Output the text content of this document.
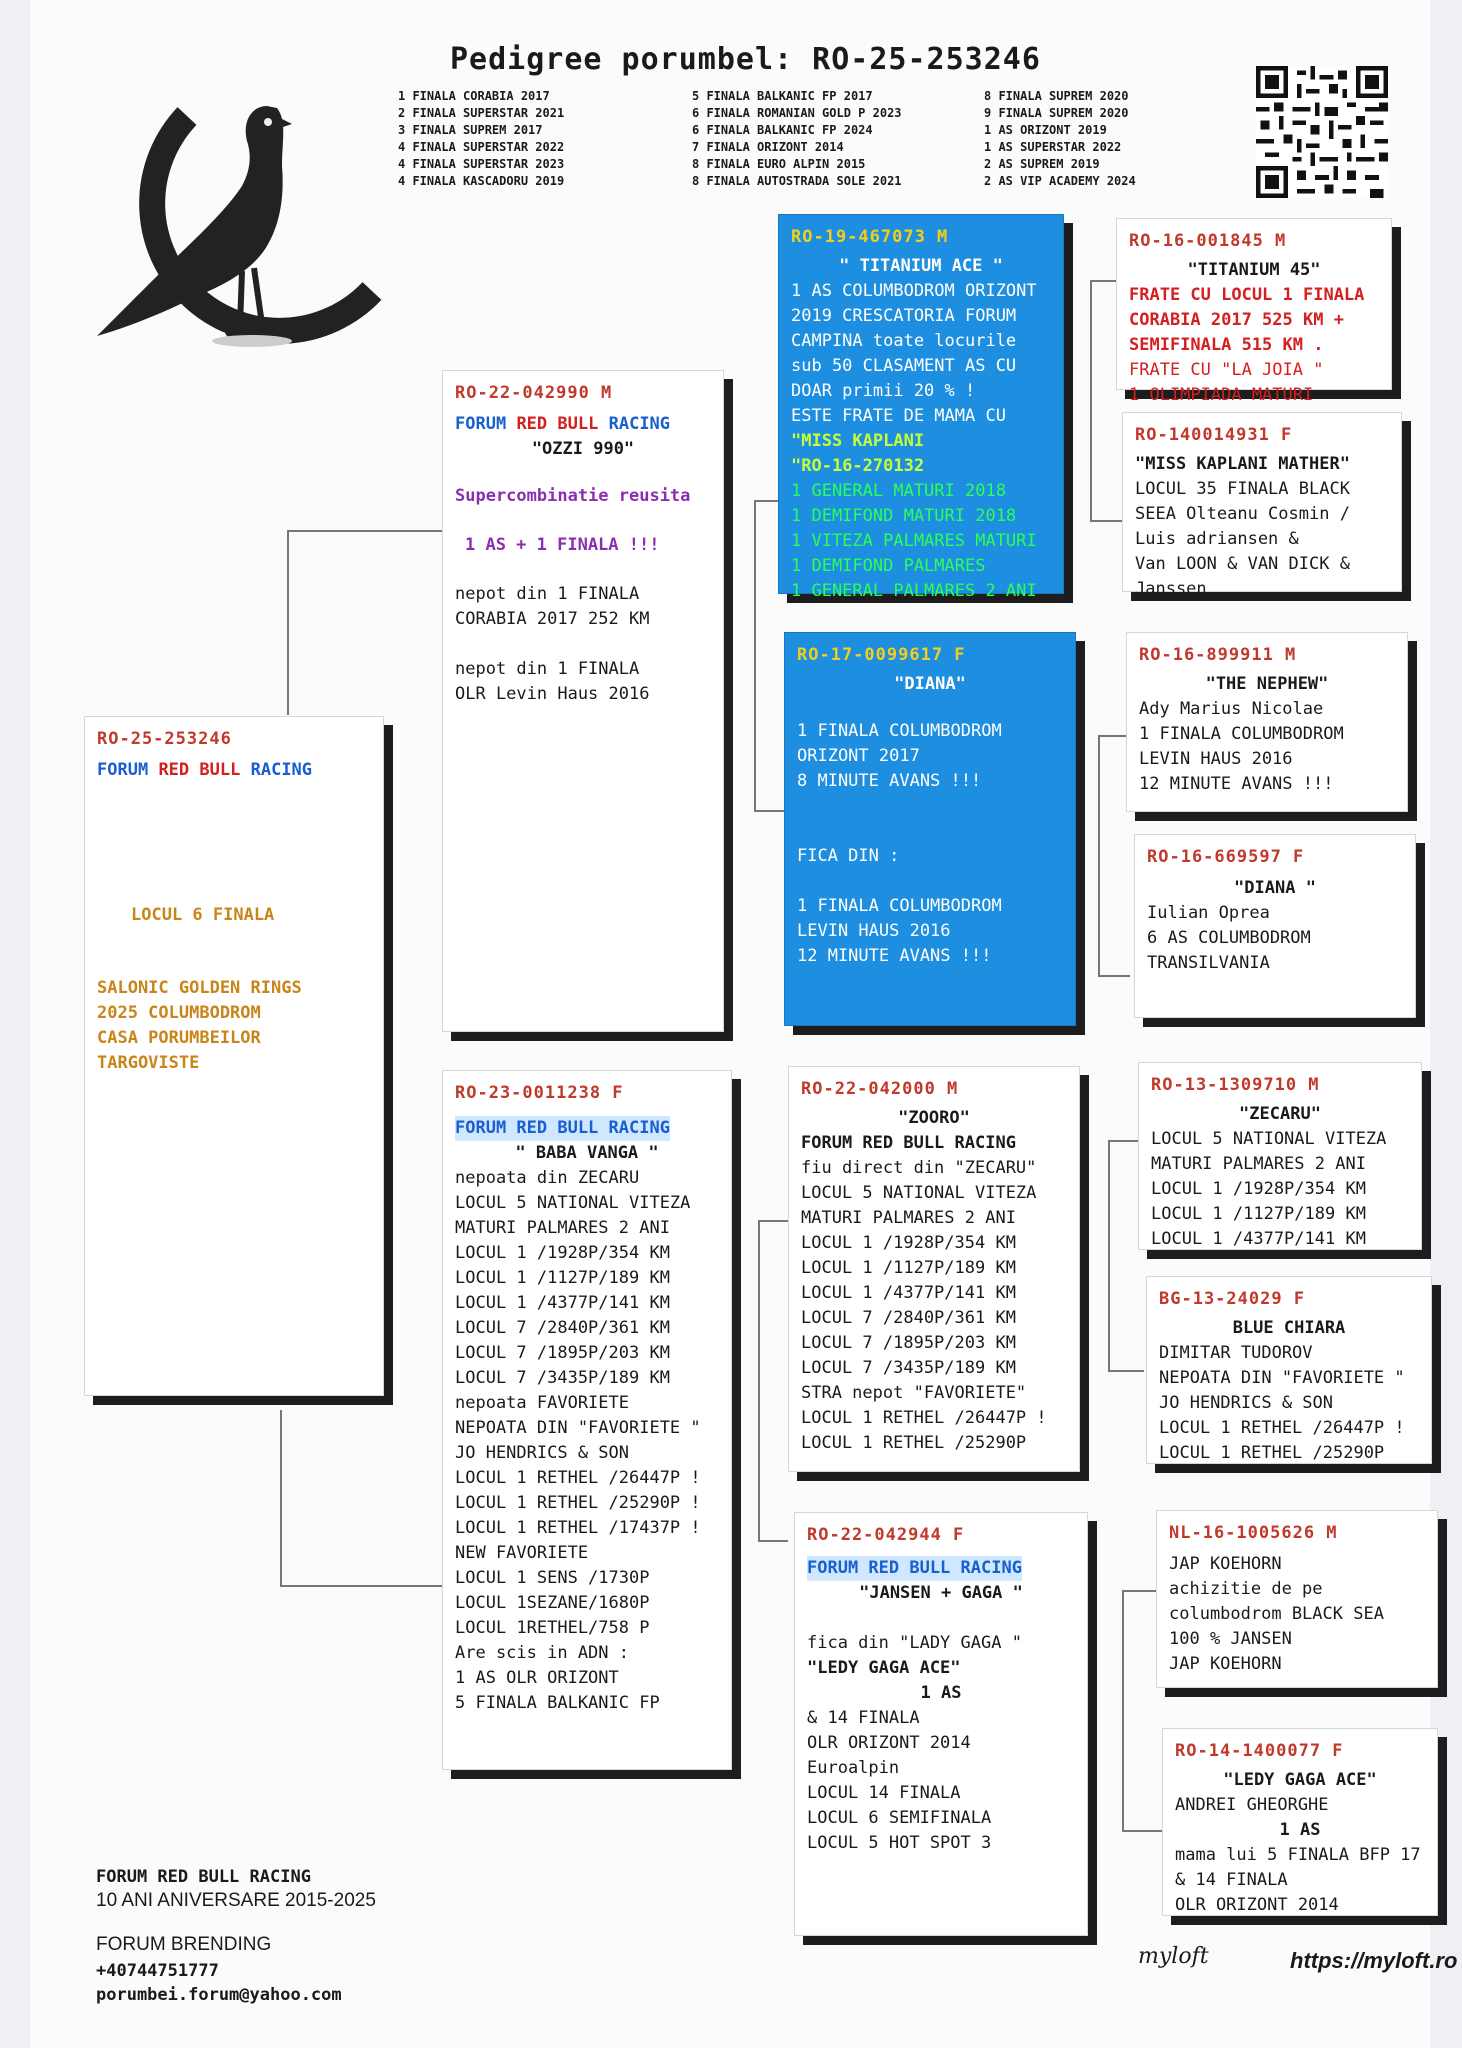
Pedigree porumbel: RO-25-253246
1 FINALA CORABIA 2017
2 FINALA SUPERSTAR 2021
3 FINALA SUPREM 2017
4 FINALA SUPERSTAR 2022
4 FINALA SUPERSTAR 2023
4 FINALA KASCADORU 2019
5 FINALA BALKANIC FP 2017
6 FINALA ROMANIAN GOLD P 2023
6 FINALA BALKANIC FP 2024
7 FINALA ORIZONT 2014
8 FINALA EURO ALPIN 2015
8 FINALA AUTOSTRADA SOLE 2021
8 FINALA SUPREM 2020
9 FINALA SUPREM 2020
1 AS ORIZONT 2019
1 AS SUPERSTAR 2022
2 AS SUPREM 2019
2 AS VIP ACADEMY 2024
RO-25-253246
FORUM RED BULL RACING
LOCUL 6 FINALA
SALONIC GOLDEN RINGS
2025 COLUMBODROM
CASA PORUMBEILOR
TARGOVISTE
RO-22-042990 M
FORUM RED BULL RACING
"OZZI 990"
Supercombinatie reusita
1 AS + 1 FINALA !!!
nepot din 1 FINALA
CORABIA 2017 252 KM

nepot din 1 FINALA
OLR Levin Haus 2016
RO-23-0011238 F
FORUM RED BULL RACING
" BABA VANGA "
nepoata din ZECARU
LOCUL 5 NATIONAL VITEZA
MATURI PALMARES 2 ANI
LOCUL 1 /1928P/354 KM
LOCUL 1 /1127P/189 KM
LOCUL 1 /4377P/141 KM
LOCUL 7 /2840P/361 KM
LOCUL 7 /1895P/203 KM
LOCUL 7 /3435P/189 KM
nepoata FAVORIETE
NEPOATA DIN "FAVORIETE "
JO HENDRICS & SON
LOCUL 1 RETHEL /26447P !
LOCUL 1 RETHEL /25290P !
LOCUL 1 RETHEL /17437P !
NEW FAVORIETE
LOCUL 1 SENS /1730P
LOCUL 1SEZANE/1680P
LOCUL 1RETHEL/758 P
Are scis in ADN :
1 AS OLR ORIZONT
5 FINALA BALKANIC FP
RO-19-467073 M
" TITANIUM ACE "
1 AS COLUMBODROM ORIZONT
2019 CRESCATORIA FORUM
CAMPINA toate locurile
sub 50 CLASAMENT AS CU
DOAR primii 20 % !
ESTE FRATE DE MAMA CU
"MISS KAPLANI
"RO-16-270132
1 GENERAL MATURI 2018
1 DEMIFOND MATURI 2018
1 VITEZA PALMARES MATURI
1 DEMIFOND PALMARES
1 GENERAL PALMARES 2 ANI
RO-17-0099617 F
"DIANA"
1 FINALA COLUMBODROM
ORIZONT 2017
8 MINUTE AVANS !!!

FICA DIN :

1 FINALA COLUMBODROM
LEVIN HAUS 2016
12 MINUTE AVANS !!!
RO-22-042000 M
"ZOORO"
FORUM RED BULL RACING
fiu direct din "ZECARU"
LOCUL 5 NATIONAL VITEZA
MATURI PALMARES 2 ANI
LOCUL 1 /1928P/354 KM
LOCUL 1 /1127P/189 KM
LOCUL 1 /4377P/141 KM
LOCUL 7 /2840P/361 KM
LOCUL 7 /1895P/203 KM
LOCUL 7 /3435P/189 KM
STRA nepot "FAVORIETE"
LOCUL 1 RETHEL /26447P !
LOCUL 1 RETHEL /25290P
RO-22-042944 F
FORUM RED BULL RACING
"JANSEN + GAGA "

fica din "LADY GAGA "
"LEDY GAGA ACE"
1 AS
& 14 FINALA
OLR ORIZONT 2014
Euroalpin
LOCUL 14 FINALA
LOCUL 6 SEMIFINALA
LOCUL 5 HOT SPOT 3
RO-16-001845 M
"TITANIUM 45"
FRATE CU LOCUL 1 FINALA
CORABIA 2017 525 KM +
SEMIFINALA 515 KM .
FRATE CU "LA JOIA "
1 OLIMPIADA MATURI
RO-140014931 F
"MISS KAPLANI MATHER"
LOCUL 35 FINALA BLACK
SEEA Olteanu Cosmin /
Luis adriansen &
Van LOON & VAN DICK &
Janssen
RO-16-899911 M
"THE NEPHEW"
Ady Marius Nicolae
1 FINALA COLUMBODROM
LEVIN HAUS 2016
12 MINUTE AVANS !!!
RO-16-669597 F
"DIANA "
Iulian Oprea
6 AS COLUMBODROM
TRANSILVANIA
RO-13-1309710 M
"ZECARU"
LOCUL 5 NATIONAL VITEZA
MATURI PALMARES 2 ANI
LOCUL 1 /1928P/354 KM
LOCUL 1 /1127P/189 KM
LOCUL 1 /4377P/141 KM
BG-13-24029 F
BLUE CHIARA
DIMITAR TUDOROV
NEPOATA DIN "FAVORIETE "
JO HENDRICS & SON
LOCUL 1 RETHEL /26447P !
LOCUL 1 RETHEL /25290P
NL-16-1005626 M
JAP KOEHORN
achizitie de pe
columbodrom BLACK SEA
100 % JANSEN
JAP KOEHORN
RO-14-1400077 F
"LEDY GAGA ACE"
ANDREI GHEORGHE
1 AS
mama lui 5 FINALA BFP 17
& 14 FINALA
OLR ORIZONT 2014
FORUM RED BULL RACING
10 ANI ANIVERSARE 2015-2025
FORUM BRENDING
+40744751777
porumbei.forum@yahoo.com
myloft	https://myloft.ro
